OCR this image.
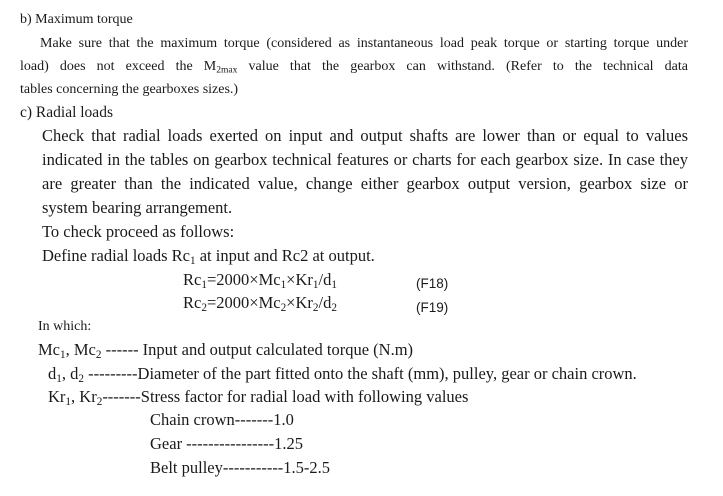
b) Maximum torque
Make sure that the maximum torque (considered as instantaneous load peak torque or starting torque under
load) does not exceed the $M_{2max}$ value that the gearbox can withstand. (Refer to the technical data
tables concerning the gearboxes sizes.)
c) Radial loads
Check that radial loads exerted on input and output shafts are lower than or equal to values
indicated in the tables on gearbox technical features or charts for each gearbox size. In case they
are greater than the indicated value, change either gearbox output version, gearbox size or
system bearing arrangement.
To check proceed as follows:
Define radial loads $Rc_1$ at input and Rc2 at output.
$Rc_1=2000\times Mc_1\times Kr_1/d_1$	(F18)
$Rc_2=2000\times Mc_2\times Kr_2/d_2$	(F19)
In which:
$Mc_1$, $Mc_2$ ------ Input and output calculated torque (N.m)
$d_1$, $d_2$ ---------Diameter of the part fitted onto the shaft (mm), pulley, gear or chain crown.
$Kr_1$, $Kr_2------$-Stress factor for radial load with following values
Chain crown-------1.0
Gear ----------------1.25
Belt pulley-----------1.5-2.5
